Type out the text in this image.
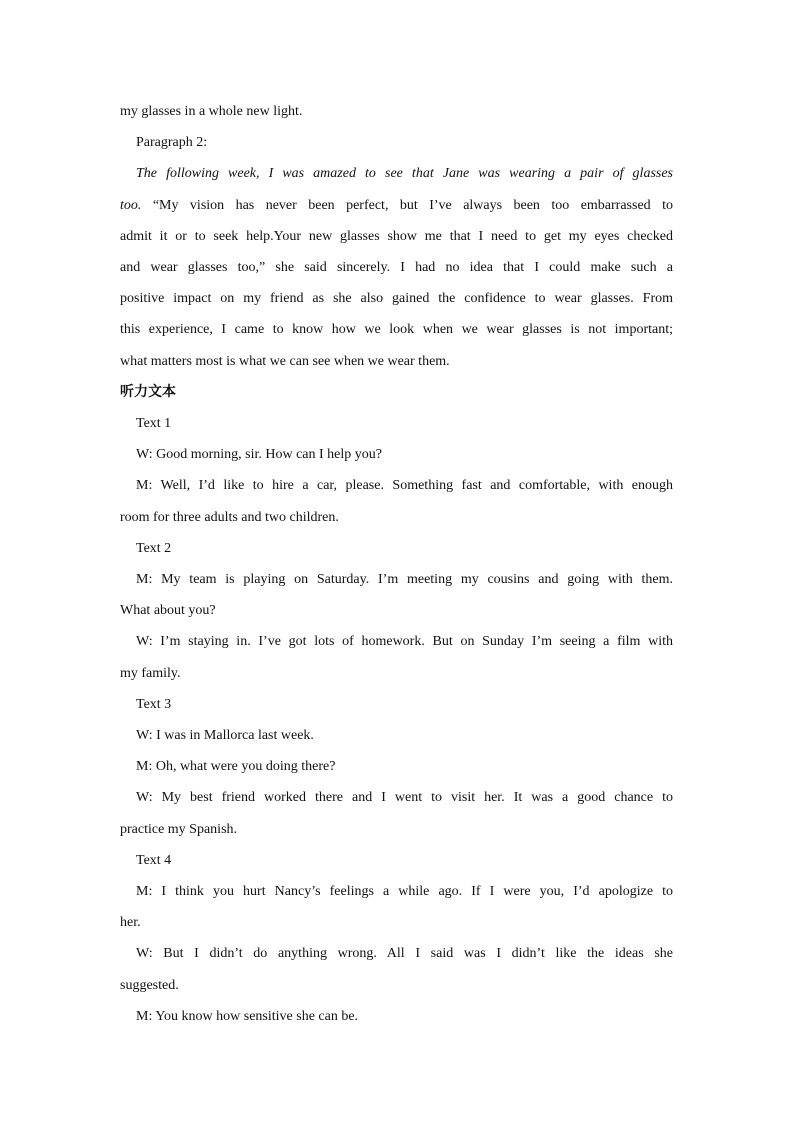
my glasses in a whole new light.

Paragraph 2:

The following week, I was amazed to see that Jane was wearing a pair of glasses

too. “My vision has never been perfect, but I’ve always been too embarrassed to

admit it or to seek help.Your new glasses show me that I need to get my eyes checked

and wear glasses too,” she said sincerely. I had no idea that I could make such a

positive impact on my friend as she also gained the confidence to wear glasses. From

this experience, I came to know how we look when we wear glasses is not important;

what matters most is what we can see when we wear them.

听力文本

Text 1

W: Good morning, sir. How can I help you?

M: Well, I’d like to hire a car, please. Something fast and comfortable, with enough

room for three adults and two children.

Text 2

M: My team is playing on Saturday. I’m meeting my cousins and going with them.

What about you?

W: I’m staying in. I’ve got lots of homework. But on Sunday I’m seeing a film with

my family.

Text 3

W: I was in Mallorca last week.

M: Oh, what were you doing there?

W: My best friend worked there and I went to visit her. It was a good chance to

practice my Spanish.

Text 4

M: I think you hurt Nancy’s feelings a while ago. If I were you, I’d apologize to

her.

W: But I didn’t do anything wrong. All I said was I didn’t like the ideas she

suggested.

M: You know how sensitive she can be.
